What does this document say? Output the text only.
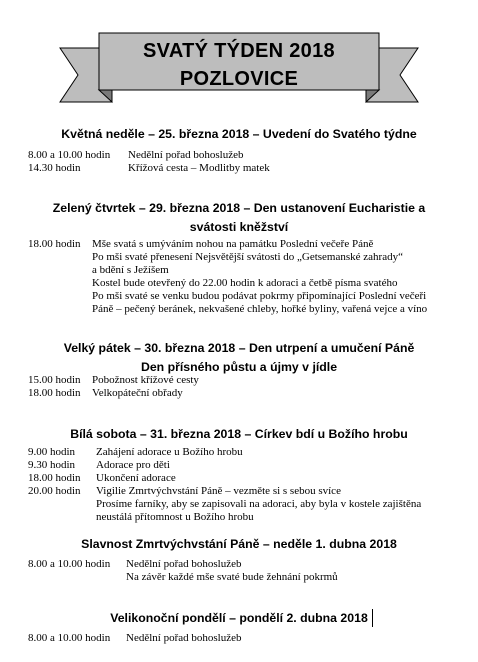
SVATÝ TÝDEN 2018
POZLOVICE
Květná neděle – 25. března 2018 – Uvedení do Svatého týdne
8.00 a 10.00 hodin Nedělní pořad bohoslužeb
14.30 hodin	Křížová cesta – Modlitby matek
Zelený čtvrtek – 29. března 2018 – Den ustanovení Eucharistie a
svátosti kněžství
18.00 hodin Mše svatá s umýváním nohou na památku Poslední večeře Páně
Po mši svaté přenesení Nejsvětější svátosti do „Getsemanské zahrady“
a bdění s Ježíšem
Kostel bude otevřený do 22.00 hodin k adoraci a četbě písma svatého
Po mši svaté se venku budou podávat pokrmy připomínající Poslední večeři
Páně – pečený beránek, nekvašené chleby, hořké byliny, vařená vejce a víno
Velký pátek – 30. března 2018 – Den utrpení a umučení Páně
Den přísného půstu a újmy v jídle
15.00 hodin Pobožnost křížové cesty
18.00 hodin Velkopáteční obřady
Bílá sobota – 31. března 2018 – Církev bdí u Božího hrobu
9.00 hodin Zahájení adorace u Božího hrobu
9.30 hodin Adorace pro děti
18.00 hodin Ukončení adorace
20.00 hodin Vigilie Zmrtvýchvstání Páně – vezměte si s sebou svíce
Prosíme farníky, aby se zapisovali na adoraci, aby byla v kostele zajištěna
neustálá přítomnost u Božího hrobu
Slavnost Zmrtvýchvstání Páně – neděle 1. dubna 2018
8.00 a 10.00 hodin Nedělní pořad bohoslužeb
Na závěr každé mše svaté bude žehnání pokrmů
Velikonoční pondělí – pondělí 2. dubna 2018
8.00 a 10.00 hodin Nedělní pořad bohoslužeb
